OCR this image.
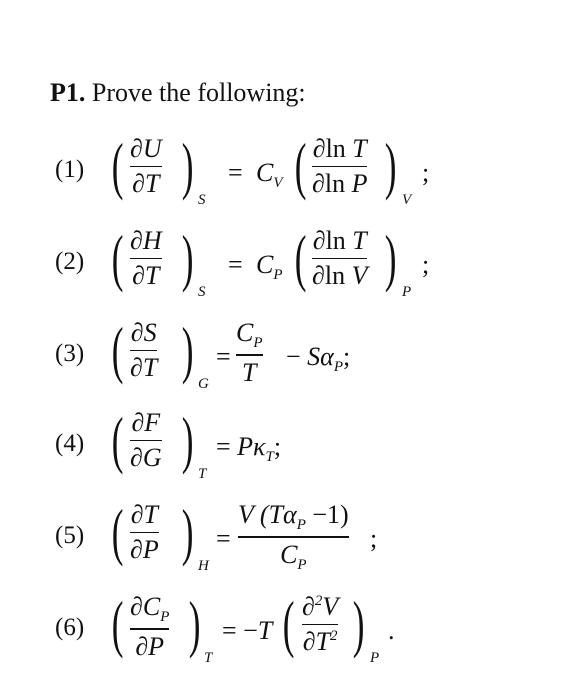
P1. Prove the following:
(1) ( ∂U
∂T ) S
= $C_V$ ( ∂ln T
∂ln P ) V
;
(2) ( ∂H
∂T ) S
= $C_P$ ( ∂ln T
∂ln V ) P
;
(3) ( ∂S
∂T ) G
=
$C_P$
T
− $S\alpha_P$;
(4) ( ∂F
∂G ) T
= $P\kappa_T$;
(5) ( ∂T
∂P ) H
=
V $(T\alpha_P -1)$
$C_P$
;
(6) ( $\partial C_P$
∂P ) T
= −T ( ∂$^2$V
$\partial T^2$ ) P
.
